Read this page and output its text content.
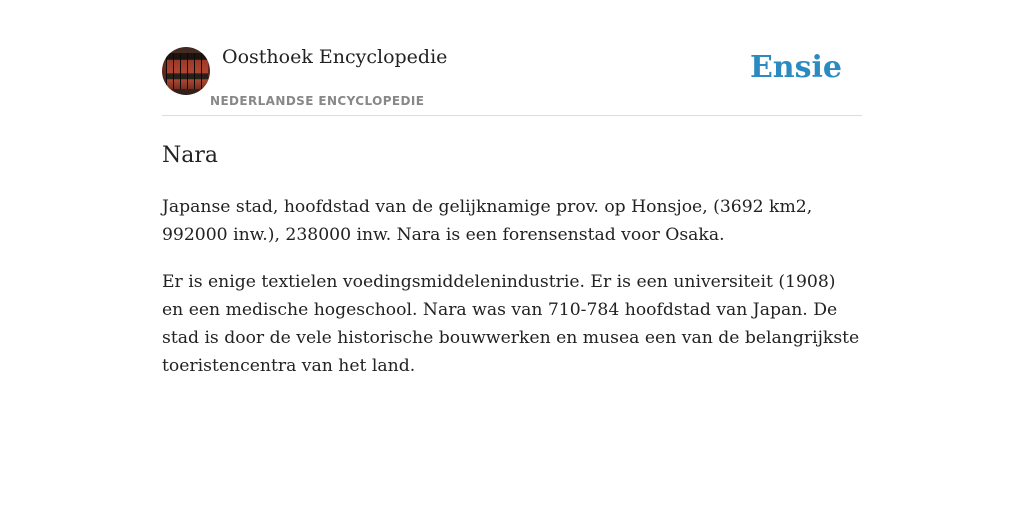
Oosthoek Encyclopedie
NEDERLANDSE ENCYCLOPEDIE
Ensie
Nara

Japanse stad, hoofdstad van de gelijknamige prov. op Honsjoe, (3692 km2, 992000 inw.), 238000 inw. Nara is een forensenstad voor Osaka.

Er is enige textielen voedingsmiddelenindustrie. Er is een universiteit (1908) en een medische hogeschool. Nara was van 710-784 hoofdstad van Japan. De stad is door de vele historische bouwwerken en musea een van de belangrijkste toeristencentra van het land.
